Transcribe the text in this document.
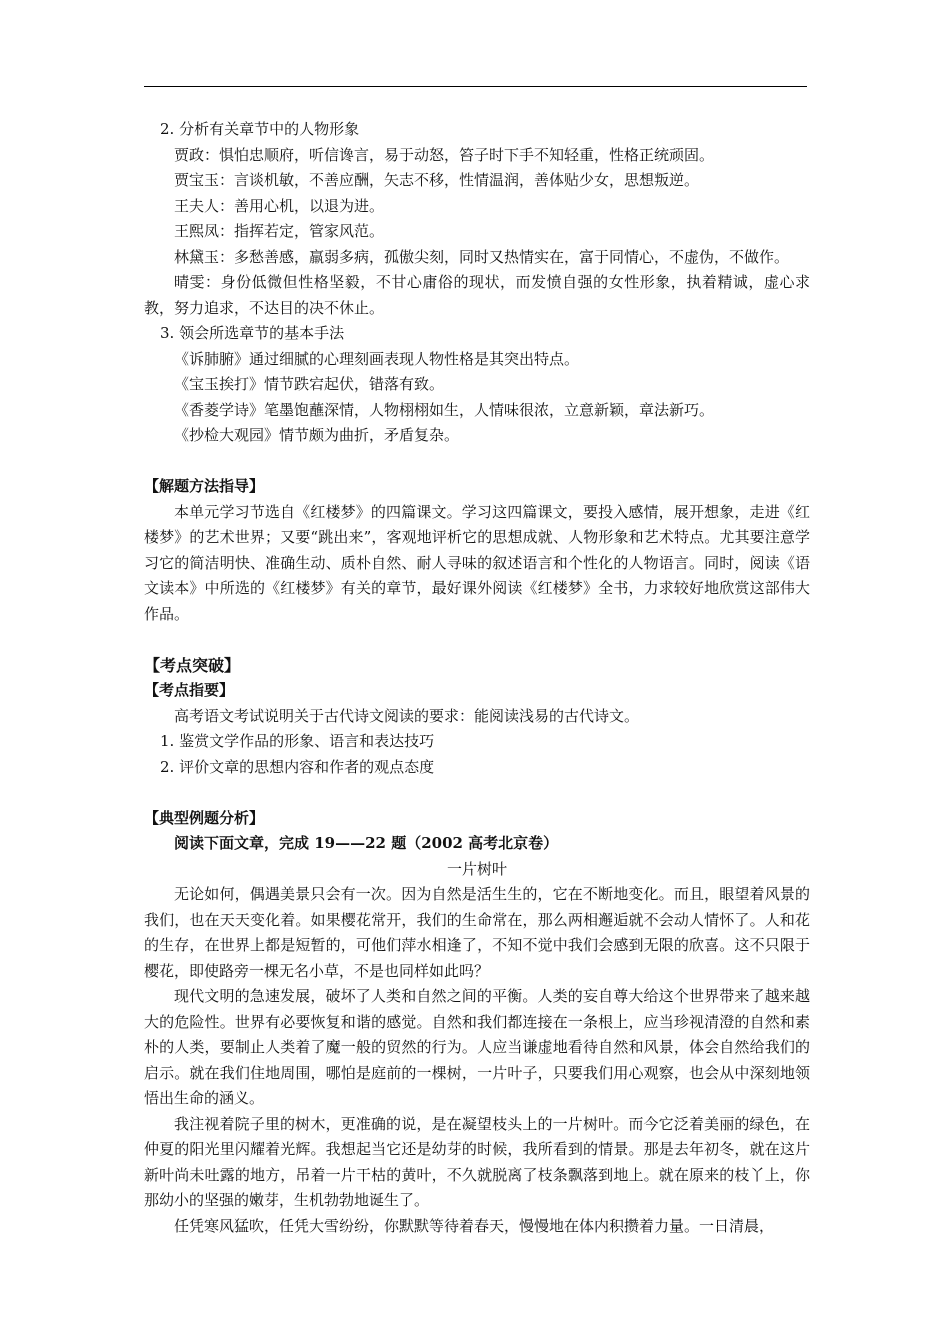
2. 分析有关章节中的人物形象
贾政：惧怕忠顺府，听信谗言，易于动怒，笞子时下手不知轻重，性格正统顽固。
贾宝玉：言谈机敏，不善应酬，矢志不移，性情温润，善体贴少女，思想叛逆。
王夫人：善用心机，以退为进。
王熙凤：指挥若定，管家风范。
林黛玉：多愁善感，羸弱多病，孤傲尖刻，同时又热情实在，富于同情心，不虚伪，不做作。
晴雯：身份低微但性格坚毅，不甘心庸俗的现状，而发愤自强的女性形象，执着精诚，虚心求教，努力追求，不达目的决不休止。
3. 领会所选章节的基本手法
《诉肺腑》通过细腻的心理刻画表现人物性格是其突出特点。
《宝玉挨打》情节跌宕起伏，错落有致。
《香菱学诗》笔墨饱蘸深情，人物栩栩如生，人情味很浓，立意新颖，章法新巧。
《抄检大观园》情节颇为曲折，矛盾复杂。
【解题方法指导】
本单元学习节选自《红楼梦》的四篇课文。学习这四篇课文，要投入感情，展开想象，走进《红楼梦》的艺术世界；又要“跳出来”，客观地评析它的思想成就、人物形象和艺术特点。尤其要注意学习它的简洁明快、准确生动、质朴自然、耐人寻味的叙述语言和个性化的人物语言。同时，阅读《语文读本》中所选的《红楼梦》有关的章节，最好课外阅读《红楼梦》全书，力求较好地欣赏这部伟大作品。
【考点突破】
【考点指要】
高考语文考试说明关于古代诗文阅读的要求：能阅读浅易的古代诗文。
1. 鉴赏文学作品的形象、语言和表达技巧
2. 评价文章的思想内容和作者的观点态度
【典型例题分析】
阅读下面文章，完成 19——22 题（2002 高考北京卷）
一片树叶
无论如何，偶遇美景只会有一次。因为自然是活生生的，它在不断地变化。而且，眼望着风景的我们，也在天天变化着。如果樱花常开，我们的生命常在，那么两相邂逅就不会动人情怀了。人和花的生存，在世界上都是短暂的，可他们萍水相逢了，不知不觉中我们会感到无限的欣喜。这不只限于樱花，即使路旁一棵无名小草，不是也同样如此吗？
现代文明的急速发展，破坏了人类和自然之间的平衡。人类的妄自尊大给这个世界带来了越来越大的危险性。世界有必要恢复和谐的感觉。自然和我们都连接在一条根上，应当珍视清澄的自然和素朴的人类，要制止人类着了魔一般的贸然的行为。人应当谦虚地看待自然和风景，体会自然给我们的启示。就在我们住地周围，哪怕是庭前的一棵树，一片叶子，只要我们用心观察，也会从中深刻地领悟出生命的涵义。
我注视着院子里的树木，更准确的说，是在凝望枝头上的一片树叶。而今它泛着美丽的绿色，在仲夏的阳光里闪耀着光辉。我想起当它还是幼芽的时候，我所看到的情景。那是去年初冬，就在这片新叶尚未吐露的地方，吊着一片干枯的黄叶，不久就脱离了枝条飘落到地上。就在原来的枝丫上，你那幼小的坚强的嫩芽，生机勃勃地诞生了。
任凭寒风猛吹，任凭大雪纷纷，你默默等待着春天，慢慢地在体内积攒着力量。一日清晨，
